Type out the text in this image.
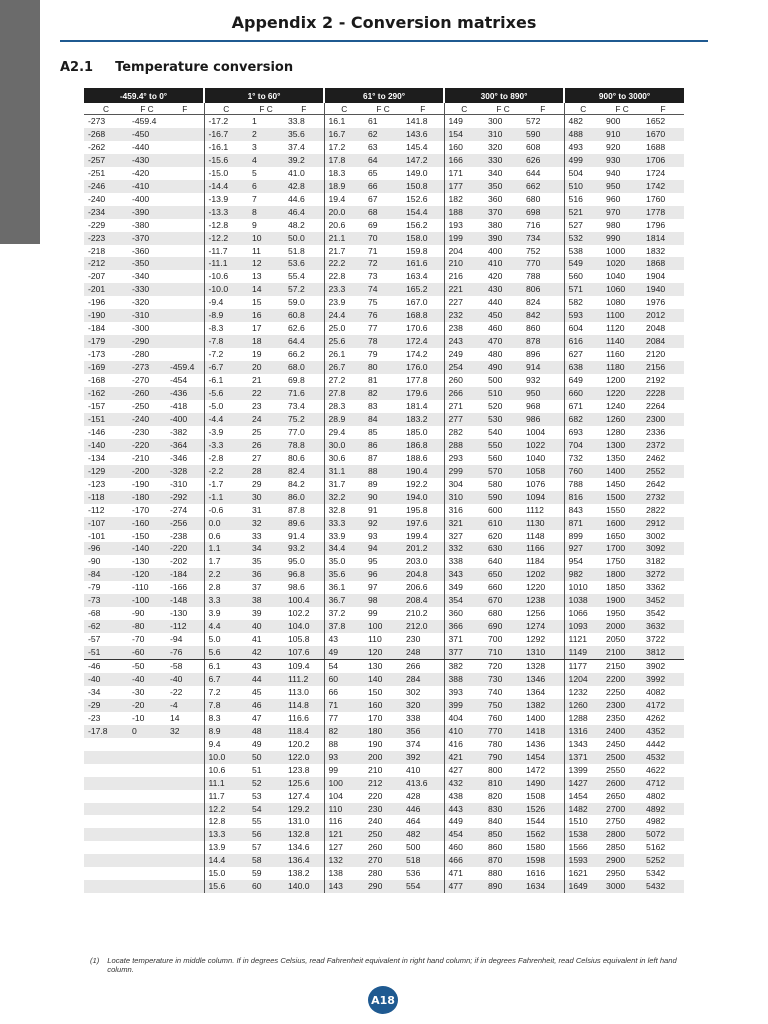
Appendix 2 - Conversion matrixes
A2.1 Temperature conversion
-459.4° to 0°			1° to 60°			61° to 290°			300° to 890°			900° to 3000°		
C	F C	F	C	F C	F	C	F C	F	C	F C	F	C	F C	F
-273	-459.4		-17.2	1	33.8	16.1	61	141.8	149	300	572	482	900	1652
-268	-450		-16.7	2	35.6	16.7	62	143.6	154	310	590	488	910	1670
-262	-440		-16.1	3	37.4	17.2	63	145.4	160	320	608	493	920	1688
-257	-430		-15.6	4	39.2	17.8	64	147.2	166	330	626	499	930	1706
-251	-420		-15.0	5	41.0	18.3	65	149.0	171	340	644	504	940	1724
-246	-410		-14.4	6	42.8	18.9	66	150.8	177	350	662	510	950	1742
-240	-400		-13.9	7	44.6	19.4	67	152.6	182	360	680	516	960	1760
-234	-390		-13.3	8	46.4	20.0	68	154.4	188	370	698	521	970	1778
-229	-380		-12.8	9	48.2	20.6	69	156.2	193	380	716	527	980	1796
-223	-370		-12.2	10	50.0	21.1	70	158.0	199	390	734	532	990	1814
-218	-360		-11.7	11	51.8	21.7	71	159.8	204	400	752	538	1000	1832
-212	-350		-11.1	12	53.6	22.2	72	161.6	210	410	770	549	1020	1868
-207	-340		-10.6	13	55.4	22.8	73	163.4	216	420	788	560	1040	1904
-201	-330		-10.0	14	57.2	23.3	74	165.2	221	430	806	571	1060	1940
-196	-320		-9.4	15	59.0	23.9	75	167.0	227	440	824	582	1080	1976
-190	-310		-8.9	16	60.8	24.4	76	168.8	232	450	842	593	1100	2012
-184	-300		-8.3	17	62.6	25.0	77	170.6	238	460	860	604	1120	2048
-179	-290		-7.8	18	64.4	25.6	78	172.4	243	470	878	616	1140	2084
-173	-280		-7.2	19	66.2	26.1	79	174.2	249	480	896	627	1160	2120
-169	-273	-459.4	-6.7	20	68.0	26.7	80	176.0	254	490	914	638	1180	2156
-168	-270	-454	-6.1	21	69.8	27.2	81	177.8	260	500	932	649	1200	2192
-162	-260	-436	-5.6	22	71.6	27.8	82	179.6	266	510	950	660	1220	2228
-157	-250	-418	-5.0	23	73.4	28.3	83	181.4	271	520	968	671	1240	2264
-151	-240	-400	-4.4	24	75.2	28.9	84	183.2	277	530	986	682	1260	2300
-146	-230	-382	-3.9	25	77.0	29.4	85	185.0	282	540	1004	693	1280	2336
-140	-220	-364	-3.3	26	78.8	30.0	86	186.8	288	550	1022	704	1300	2372
-134	-210	-346	-2.8	27	80.6	30.6	87	188.6	293	560	1040	732	1350	2462
-129	-200	-328	-2.2	28	82.4	31.1	88	190.4	299	570	1058	760	1400	2552
-123	-190	-310	-1.7	29	84.2	31.7	89	192.2	304	580	1076	788	1450	2642
-118	-180	-292	-1.1	30	86.0	32.2	90	194.0	310	590	1094	816	1500	2732
-112	-170	-274	-0.6	31	87.8	32.8	91	195.8	316	600	1112	843	1550	2822
-107	-160	-256	0.0	32	89.6	33.3	92	197.6	321	610	1130	871	1600	2912
-101	-150	-238	0.6	33	91.4	33.9	93	199.4	327	620	1148	899	1650	3002
-96	-140	-220	1.1	34	93.2	34.4	94	201.2	332	630	1166	927	1700	3092
-90	-130	-202	1.7	35	95.0	35.0	95	203.0	338	640	1184	954	1750	3182
-84	-120	-184	2.2	36	96.8	35.6	96	204.8	343	650	1202	982	1800	3272
-79	-110	-166	2.8	37	98.6	36.1	97	206.6	349	660	1220	1010	1850	3362
-73	-100	-148	3.3	38	100.4	36.7	98	208.4	354	670	1238	1038	1900	3452
-68	-90	-130	3.9	39	102.2	37.2	99	210.2	360	680	1256	1066	1950	3542
-62	-80	-112	4.4	40	104.0	37.8	100	212.0	366	690	1274	1093	2000	3632
-57	-70	-94	5.0	41	105.8	43	110	230	371	700	1292	1121	2050	3722
-51	-60	-76	5.6	42	107.6	49	120	248	377	710	1310	1149	2100	3812
-46	-50	-58	6.1	43	109.4	54	130	266	382	720	1328	1177	2150	3902
-40	-40	-40	6.7	44	111.2	60	140	284	388	730	1346	1204	2200	3992
-34	-30	-22	7.2	45	113.0	66	150	302	393	740	1364	1232	2250	4082
-29	-20	-4	7.8	46	114.8	71	160	320	399	750	1382	1260	2300	4172
-23	-10	14	8.3	47	116.6	77	170	338	404	760	1400	1288	2350	4262
-17.8	0	32	8.9	48	118.4	82	180	356	410	770	1418	1316	2400	4352
			9.4	49	120.2	88	190	374	416	780	1436	1343	2450	4442
			10.0	50	122.0	93	200	392	421	790	1454	1371	2500	4532
			10.6	51	123.8	99	210	410	427	800	1472	1399	2550	4622
			11.1	52	125.6	100	212	413.6	432	810	1490	1427	2600	4712
			11.7	53	127.4	104	220	428	438	820	1508	1454	2650	4802
			12.2	54	129.2	110	230	446	443	830	1526	1482	2700	4892
			12.8	55	131.0	116	240	464	449	840	1544	1510	2750	4982
			13.3	56	132.8	121	250	482	454	850	1562	1538	2800	5072
			13.9	57	134.6	127	260	500	460	860	1580	1566	2850	5162
			14.4	58	136.4	132	270	518	466	870	1598	1593	2900	5252
			15.0	59	138.2	138	280	536	471	880	1616	1621	2950	5342
			15.6	60	140.0	143	290	554	477	890	1634	1649	3000	5432
(1) Locate temperature in middle column. If in degrees Celsius, read Fahrenheit equivalent in right hand column; if in degrees Fahrenheit, read Celsius equivalent in left hand column.
A18
